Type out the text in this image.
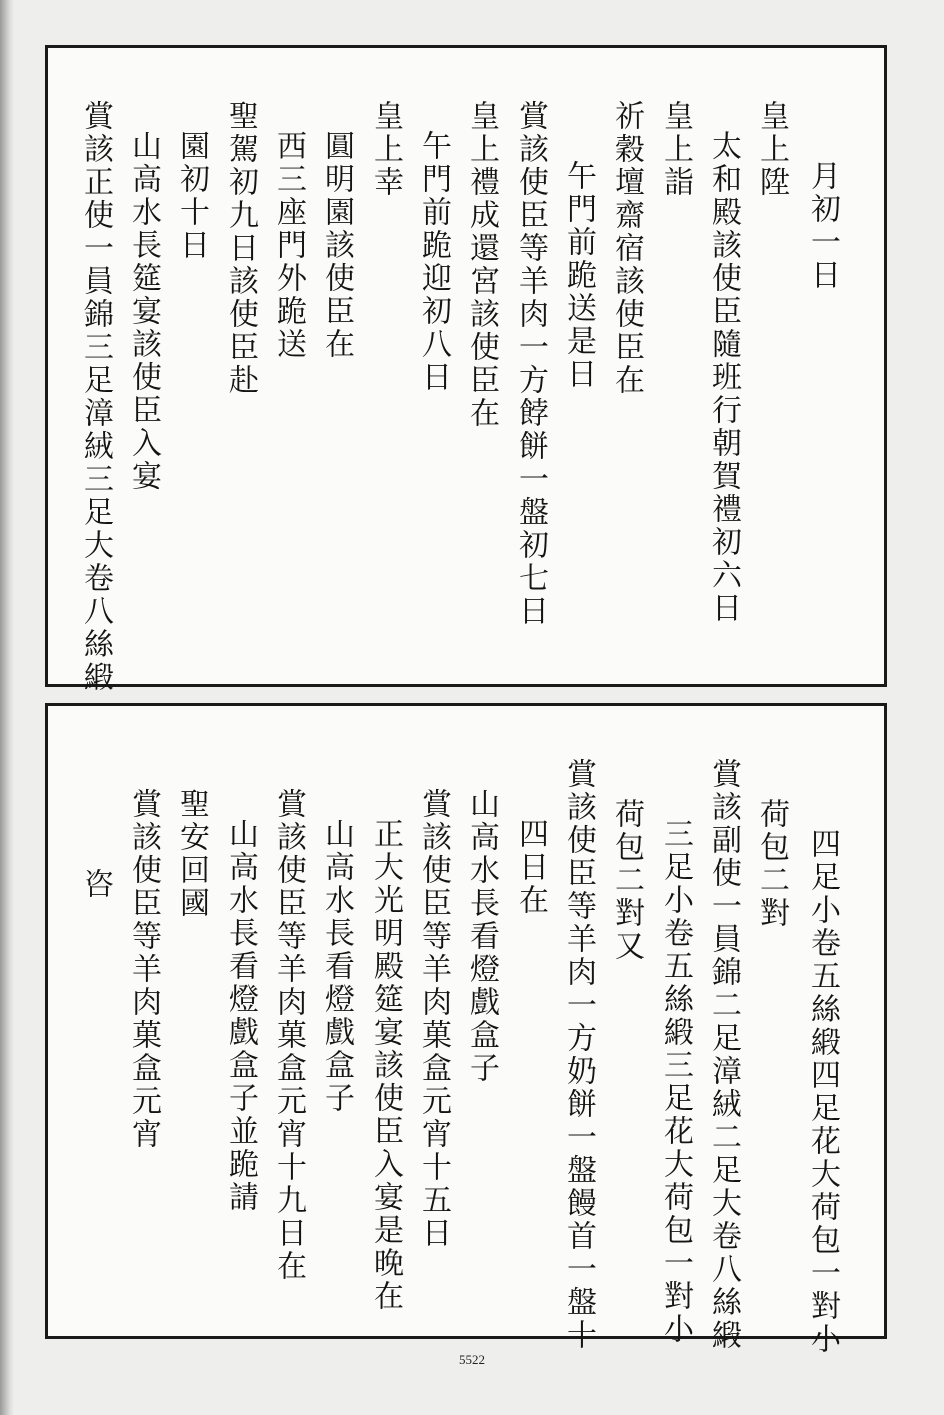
月初一日
皇上陞
太和殿該使臣隨班行朝賀禮初六日
皇上詣
祈穀壇齋宿該使臣在
午門前跪送是日
賞該使臣等羊肉一方餑餅一盤初七日
皇上禮成還宮該使臣在
午門前跪迎初八日
皇上幸
圓明園該使臣在
西三座門外跪送
聖駕初九日該使臣赴
園初十日
山高水長筵宴該使臣入宴
賞該正使一員錦三足漳絨三足大卷八絲緞
四足小卷五絲緞四足花大荷包一對小
荷包二對
賞該副使一員錦二足漳絨二足大卷八絲緞
三足小卷五絲緞三足花大荷包一對小
荷包二對又
賞該使臣等羊肉一方奶餅一盤饅首一盤十
四日在
山高水長看燈戲盒子
賞該使臣等羊肉菓盒元宵十五日
正大光明殿筵宴該使臣入宴是晚在
山高水長看燈戲盒子
賞該使臣等羊肉菓盒元宵十九日在
山高水長看燈戲盒子並跪請
聖安回國
賞該使臣等羊肉菓盒元宵
咨
5522
